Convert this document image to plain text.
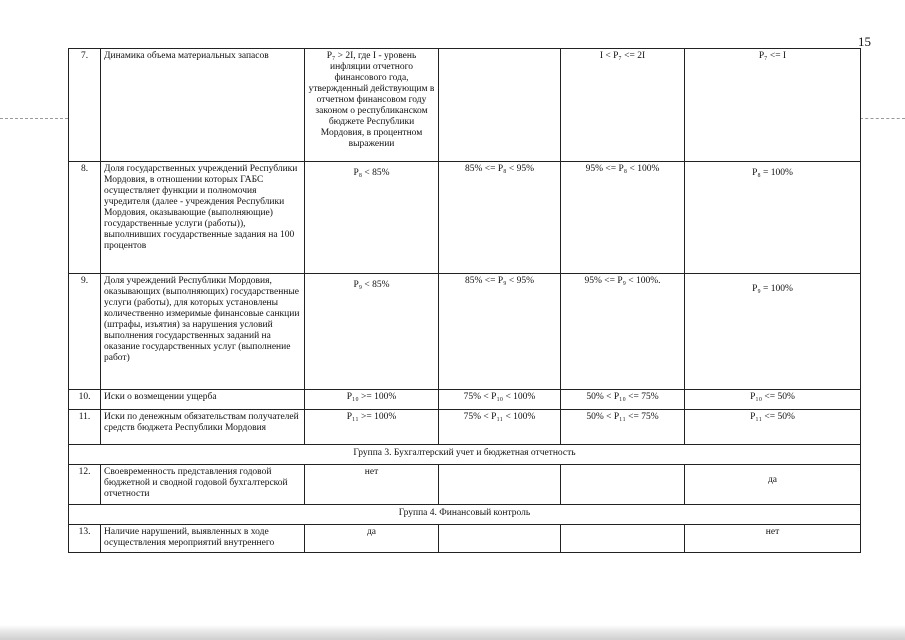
15
7.	Динамика объема материальных запасов	P₇ > 2I, где I - уровень инфляции отчетного финансового года, утвержденный действующим в отчетном финансовом году законом о республиканском бюджете Республики Мордовия, в процентном выражении		I < P₇ <= 2I	P₇ <= I
8.	Доля государственных учреждений Республики Мордовия, в отношении которых ГАБС осуществляет функции и полномочия учредителя (далее - учреждения Республики Мордовия, оказывающие (выполняющие) государственные услуги (работы)), выполнивших государственные задания на 100 процентов	P₈ < 85%	85% <= P₈ < 95%	95% <= P₈ < 100%	P₈ = 100%
9.	Доля учреждений Республики Мордовия, оказывающих (выполняющих) государственные услуги (работы), для которых установлены количественно измеримые финансовые санкции (штрафы, изъятия) за нарушения условий выполнения государственных заданий на оказание государственных услуг (выполнение работ)	P₉ < 85%	85% <= P₉ < 95%	95% <= P₉ < 100%.	P₉ = 100%
10.	Иски о возмещении ущерба	P₁₀ >= 100%	75% < P₁₀ < 100%	50% < P₁₀ <= 75%	P₁₀ <= 50%
11.	Иски по денежным обязательствам получателей средств бюджета Республики Мордовия	P₁₁ >= 100%	75% < P₁₁ < 100%	50% < P₁₁ <= 75%	P₁₁ <= 50%
Группа 3. Бухгалтерский учет и бюджетная отчетность					
12.	Своевременность представления годовой бюджетной и сводной годовой бухгалтерской отчетности	нет			да
Группа 4. Финансовый контроль					
13.	Наличие нарушений, выявленных в ходе осуществления мероприятий внутреннего	да			нет
